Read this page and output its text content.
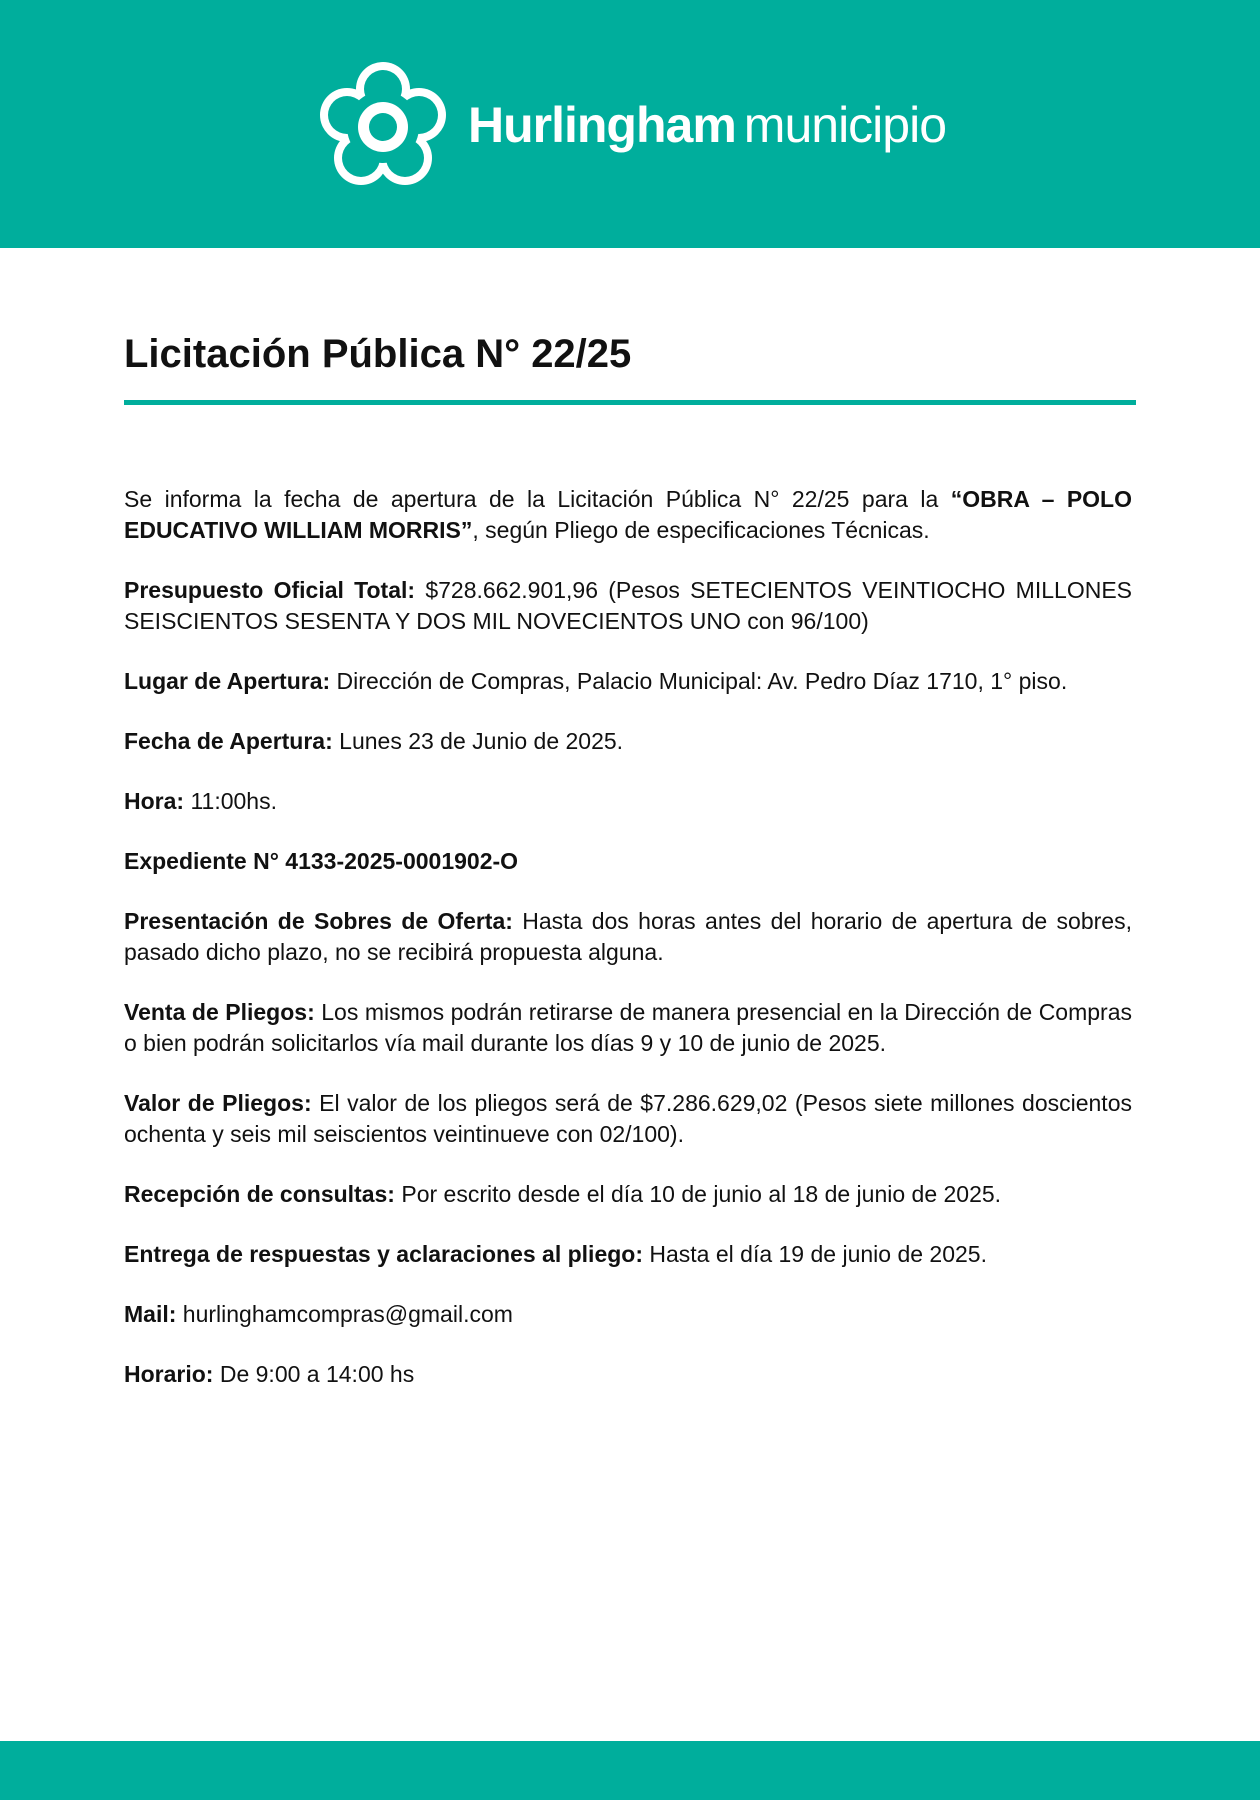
Hurlingham municipio
Licitación Pública N° 22/25

Se informa la fecha de apertura de la Licitación Pública N° 22/25 para la “OBRA – POLO EDUCATIVO WILLIAM MORRIS”, según Pliego de especificaciones Técnicas.

Presupuesto Oficial Total: $728.662.901,96 (Pesos SETECIENTOS VEINTIOCHO MILLONES SEISCIENTOS SESENTA Y DOS MIL NOVECIENTOS UNO con 96/100)

Lugar de Apertura: Dirección de Compras, Palacio Municipal: Av. Pedro Díaz 1710, 1° piso.

Fecha de Apertura: Lunes 23 de Junio de 2025.

Hora: 11:00hs.

Expediente N° 4133-2025-0001902-O

Presentación de Sobres de Oferta: Hasta dos horas antes del horario de apertura de sobres, pasado dicho plazo, no se recibirá propuesta alguna.

Venta de Pliegos: Los mismos podrán retirarse de manera presencial en la Dirección de Compras o bien podrán solicitarlos vía mail durante los días 9 y 10 de junio de 2025.

Valor de Pliegos: El valor de los pliegos será de $7.286.629,02 (Pesos siete millones doscientos ochenta y seis mil seiscientos veintinueve con 02/100).

Recepción de consultas: Por escrito desde el día 10 de junio al 18 de junio de 2025.

Entrega de respuestas y aclaraciones al pliego: Hasta el día 19 de junio de 2025.

Mail: hurlinghamcompras@gmail.com

Horario: De 9:00 a 14:00 hs
